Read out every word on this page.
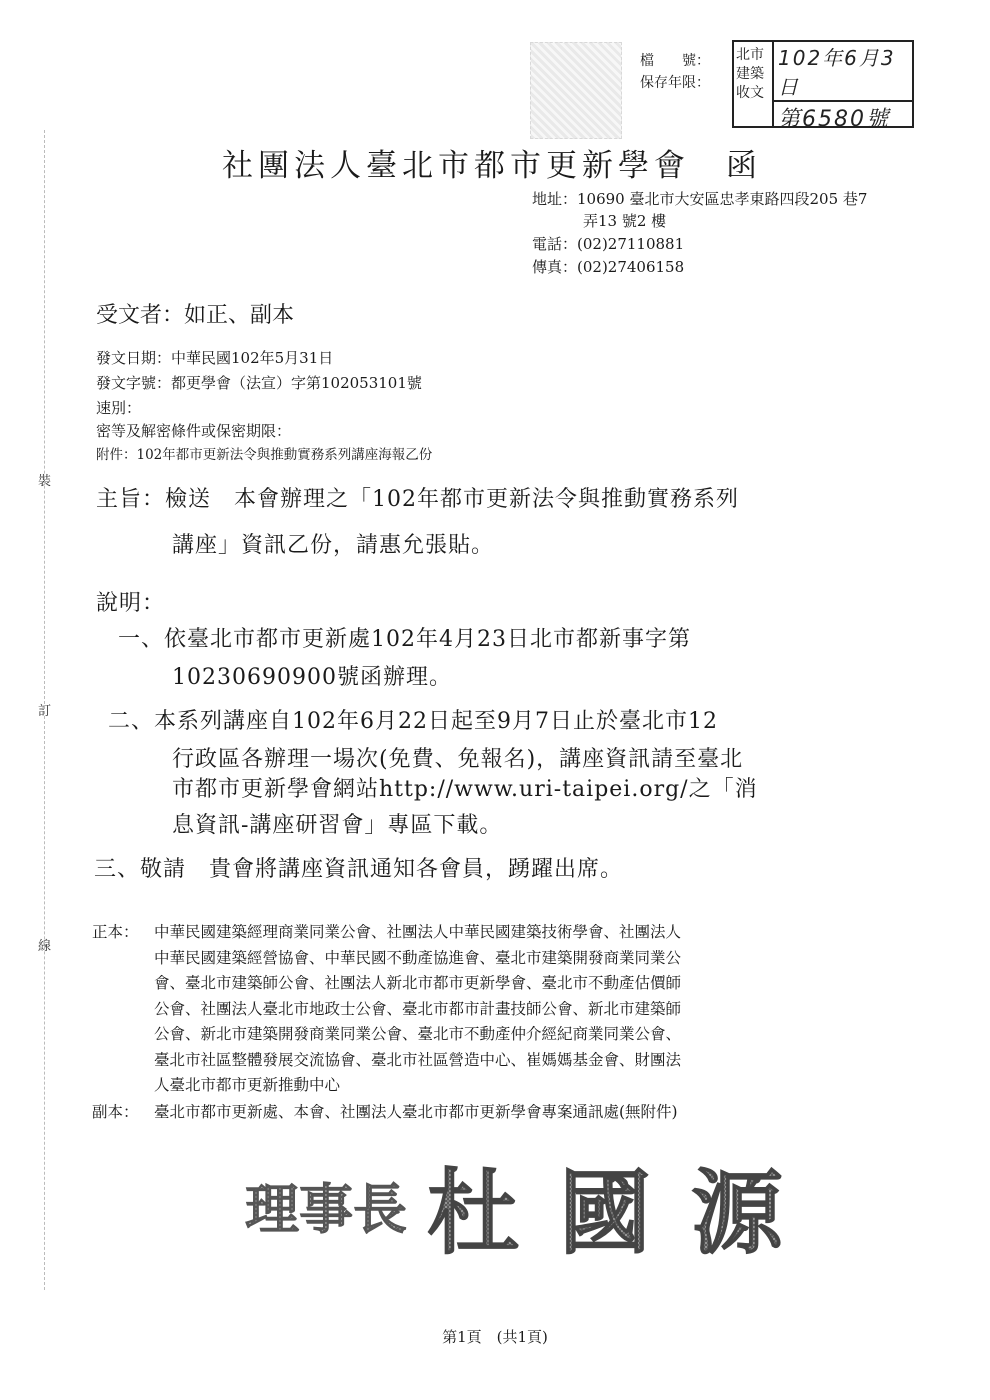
裝
訂
線
檔　　號：
保存年限：
北市
建築
收文
102年6月3日
第6580號
社團法人臺北市都市更新學會　函
地址：10690 臺北市大安區忠孝東路四段205 巷7
弄13 號2 樓
電話：(02)27110881
傳真：(02)27406158
受文者：如正、副本
發文日期：中華民國102年5月31日
發文字號：都更學會（法宣）字第102053101號
速別：
密等及解密條件或保密期限：
附件：102年都市更新法令與推動實務系列講座海報乙份
主旨：檢送　本會辦理之「102年都市更新法令與推動實務系列
講座」資訊乙份，請惠允張貼。
說明：
一、依臺北市都市更新處102年4月23日北市都新事字第
10230690900號函辦理。
二、本系列講座自102年6月22日起至9月7日止於臺北市12
行政區各辦理一場次(免費、免報名)，講座資訊請至臺北
市都市更新學會網站http://www.uri-taipei.org/之「消
息資訊-講座研習會」專區下載。
三、敬請　貴會將講座資訊通知各會員，踴躍出席。
正本： 中華民國建築經理商業同業公會、社團法人中華民國建築技術學會、社團法人
中華民國建築經營協會、中華民國不動產協進會、臺北市建築開發商業同業公
會、臺北市建築師公會、社團法人新北市都市更新學會、臺北市不動產估價師
公會、社團法人臺北市地政士公會、臺北市都市計畫技師公會、新北市建築師
公會、新北市建築開發商業同業公會、臺北市不動產仲介經紀商業同業公會、
臺北市社區整體發展交流協會、臺北市社區營造中心、崔媽媽基金會、財團法
人臺北市都市更新推動中心
副本： 臺北市都市更新處、本會、社團法人臺北市都市更新學會專案通訊處(無附件)
理事長 杜國源
第1頁　(共1頁)
